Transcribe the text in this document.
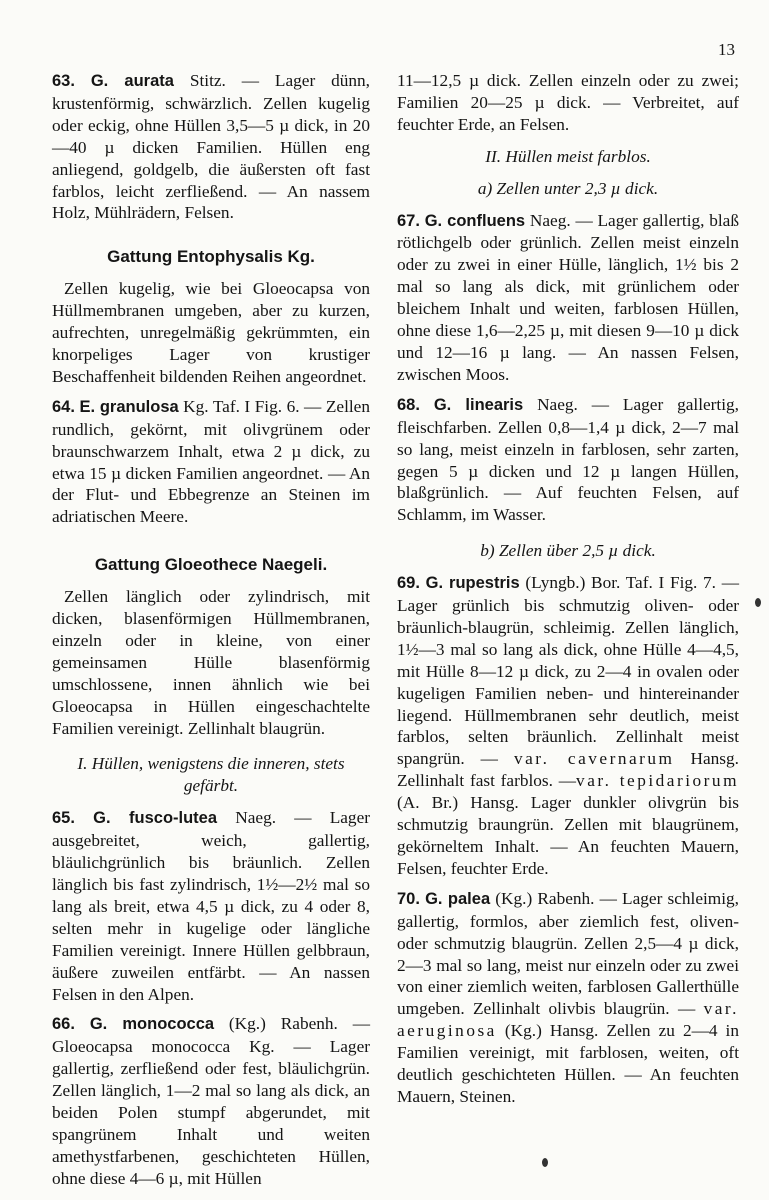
13

63. G. aurata Stitz. — Lager dünn, krustenförmig, schwärzlich. Zellen kugelig oder eckig, ohne Hüllen 3,5—5 µ dick, in 20—40 µ dicken Familien. Hüllen eng anliegend, goldgelb, die äußersten oft fast farblos, leicht zerfließend. — An nassem Holz, Mühlrädern, Felsen.

Gattung Entophysalis Kg.

Zellen kugelig, wie bei Gloeocapsa von Hüllmembranen umgeben, aber zu kurzen, aufrechten, unregelmäßig gekrümmten, ein knorpeliges Lager von krustiger Beschaffenheit bildenden Reihen angeordnet.

64. E. granulosa Kg. Taf. I Fig. 6. — Zellen rundlich, gekörnt, mit olivgrünem oder braunschwarzem Inhalt, etwa 2 µ dick, zu etwa 15 µ dicken Familien angeordnet. — An der Flut- und Ebbegrenze an Steinen im adriatischen Meere.

Gattung Gloeothece Naegeli.

Zellen länglich oder zylindrisch, mit dicken, blasenförmigen Hüllmembranen, einzeln oder in kleine, von einer gemeinsamen Hülle blasenförmig umschlossene, innen ähnlich wie bei Gloeocapsa in Hüllen eingeschachtelte Familien vereinigt. Zellinhalt blaugrün.

I. Hüllen, wenigstens die inneren, stets gefärbt.

65. G. fusco-lutea Naeg. — Lager ausgebreitet, weich, gallertig, bläulichgrünlich bis bräunlich. Zellen länglich bis fast zylindrisch, 1½—2½ mal so lang als breit, etwa 4,5 µ dick, zu 4 oder 8, selten mehr in kugelige oder längliche Familien vereinigt. Innere Hüllen gelbbraun, äußere zuweilen entfärbt. — An nassen Felsen in den Alpen.

66. G. monococca (Kg.) Rabenh. — Gloeocapsa monococca Kg. — Lager gallertig, zerfließend oder fest, bläulichgrün. Zellen länglich, 1—2 mal so lang als dick, an beiden Polen stumpf abgerundet, mit spangrünem Inhalt und weiten amethystfarbenen, geschichteten Hüllen, ohne diese 4—6 µ, mit Hüllen

11—12,5 µ dick. Zellen einzeln oder zu zwei; Familien 20—25 µ dick. — Verbreitet, auf feuchter Erde, an Felsen.

II. Hüllen meist farblos.
a) Zellen unter 2,3 µ dick.

67. G. confluens Naeg. — Lager gallertig, blaß rötlichgelb oder grünlich. Zellen meist einzeln oder zu zwei in einer Hülle, länglich, 1½ bis 2 mal so lang als dick, mit grünlichem oder bleichem Inhalt und weiten, farblosen Hüllen, ohne diese 1,6—2,25 µ, mit diesen 9—10 µ dick und 12—16 µ lang. — An nassen Felsen, zwischen Moos.

68. G. linearis Naeg. — Lager gallertig, fleischfarben. Zellen 0,8—1,4 µ dick, 2—7 mal so lang, meist einzeln in farblosen, sehr zarten, gegen 5 µ dicken und 12 µ langen Hüllen, blaßgrünlich. — Auf feuchten Felsen, auf Schlamm, im Wasser.

b) Zellen über 2,5 µ dick.

69. G. rupestris (Lyngb.) Bor. Taf. I Fig. 7. — Lager grünlich bis schmutzig oliven- oder bräunlich-blaugrün, schleimig. Zellen länglich, 1½—3 mal so lang als dick, ohne Hülle 4—4,5, mit Hülle 8—12 µ dick, zu 2—4 in ovalen oder kugeligen Familien neben- und hintereinander liegend. Hüllmembranen sehr deutlich, meist farblos, selten bräunlich. Zellinhalt meist spangrün. — var. cavernarum Hansg. Zellinhalt fast farblos. —var. tepidariorum (A. Br.) Hansg. Lager dunkler olivgrün bis schmutzig braungrün. Zellen mit blaugrünem, gekörneltem Inhalt. — An feuchten Mauern, Felsen, feuchter Erde.

70. G. palea (Kg.) Rabenh. — Lager schleimig, gallertig, formlos, aber ziemlich fest, oliven- oder schmutzig blaugrün. Zellen 2,5—4 µ dick, 2—3 mal so lang, meist nur einzeln oder zu zwei von einer ziemlich weiten, farblosen Gallerthülle umgeben. Zellinhalt olivbis blaugrün. — var. aeruginosa (Kg.) Hansg. Zellen zu 2—4 in Familien vereinigt, mit farblosen, weiten, oft deutlich geschichteten Hüllen. — An feuchten Mauern, Steinen.
